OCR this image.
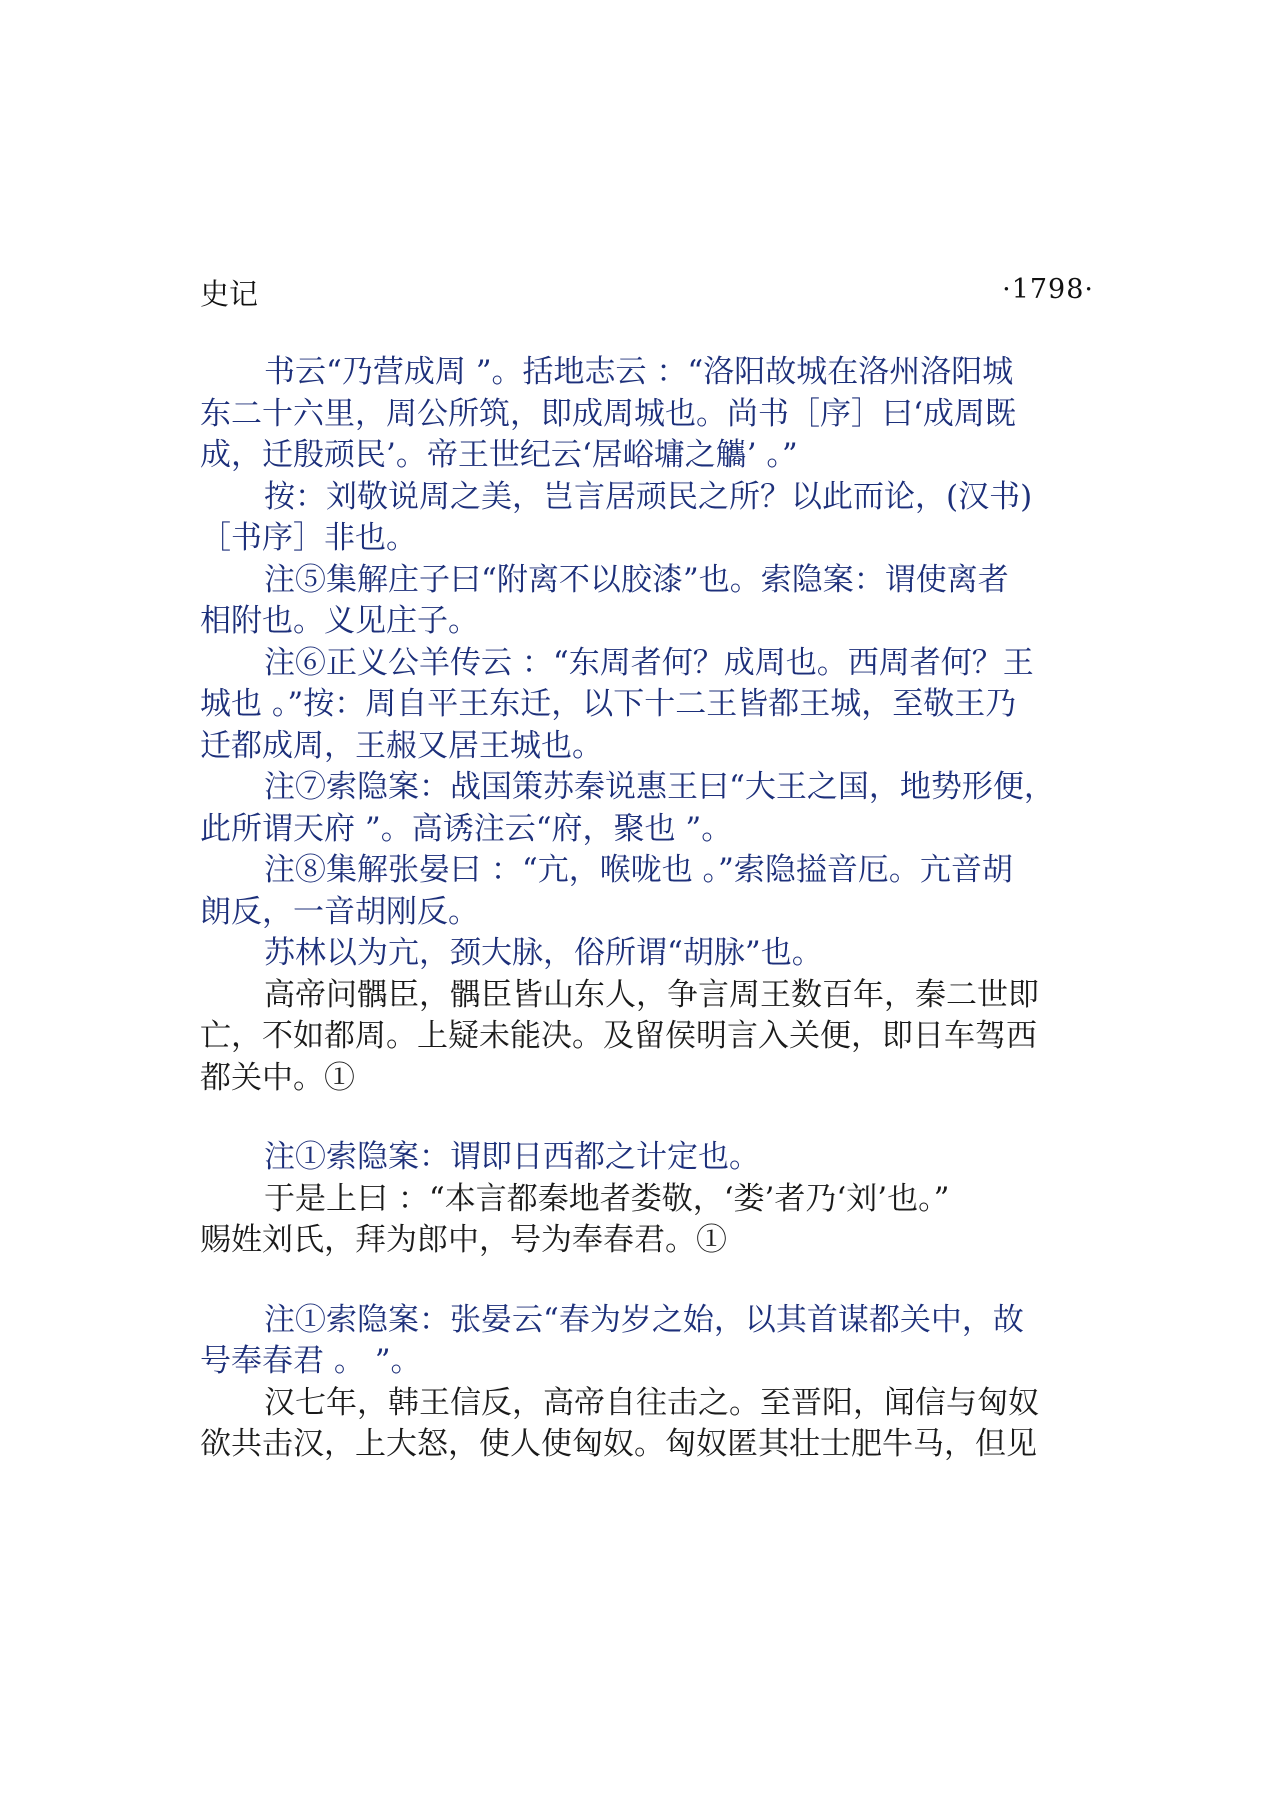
史记	·1798·
书云“乃营成周 ”。括地志云 ：“洛阳故城在洛州洛阳城
东二十六里，周公所筑，即成周城也。尚书［序］曰‘成周既
成，迁殷顽民’。帝王世纪云‘居峪墉之觿’ 。”
按：刘敬说周之美，岂言居顽民之所？以此而论，(汉书)
［书序］非也。
注⑤集解庄子曰“附离不以胶漆”也。索隐案：谓使离者
相附也。义见庄子。
注⑥正义公羊传云 ：“东周者何？成周也。西周者何？王
城也 。”按：周自平王东迁，以下十二王皆都王城，至敬王乃
迁都成周，王赧又居王城也。
注⑦索隐案：战国策苏秦说惠王曰“大王之国，地势形便，
此所谓天府 ”。高诱注云“府，聚也 ”。
注⑧集解张晏曰 ：“亢，喉咙也 。”索隐搤音厄。亢音胡
朗反，一音胡刚反。
苏林以为亢，颈大脉，俗所谓“胡脉”也。
高帝问髃臣，髃臣皆山东人，争言周王数百年，秦二世即
亡，不如都周。上疑未能决。及留侯明言入关便，即日车驾西
都关中。①
注①索隐案：谓即日西都之计定也。
于是上曰 ：“本言都秦地者娄敬，‘娄’者乃‘刘’也。”
赐姓刘氏，拜为郎中，号为奉春君。①
注①索隐案：张晏云“春为岁之始，以其首谋都关中，故
号奉春君 。 ”。
汉七年，韩王信反，高帝自往击之。至晋阳，闻信与匈奴
欲共击汉，上大怒，使人使匈奴。匈奴匿其壮士肥牛马，但见
